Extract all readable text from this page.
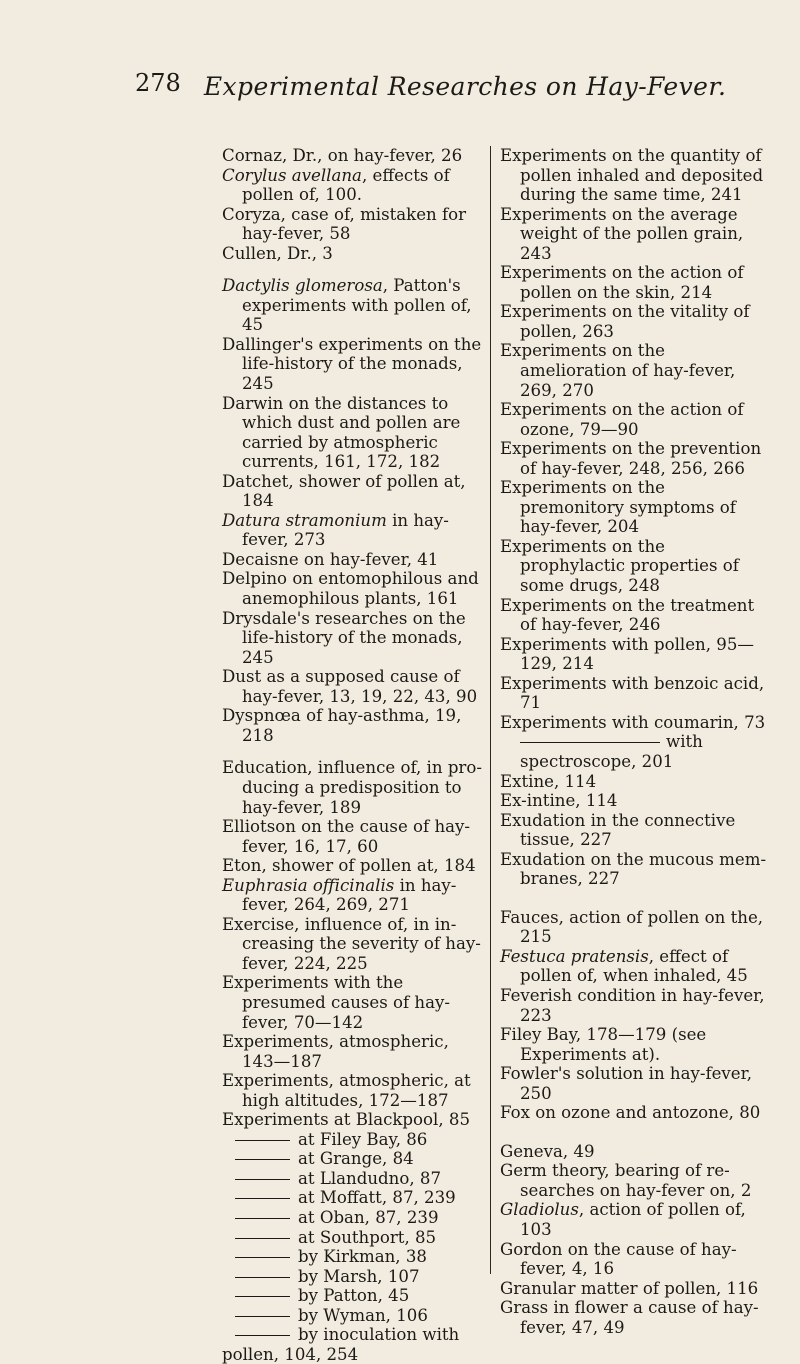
278 Experimental Researches on Hay-Fever.
Cornaz, Dr., on hay-fever, 26
Corylus avellana, effects of pollen of, 100.
Coryza, case of, mistaken for hay-fever, 58
Cullen, Dr., 3
Dactylis glomerosa, Patton's experiments with pollen of, 45
Dallinger's experiments on the life-history of the monads, 245
Darwin on the distances to which dust and pollen are carried by atmospheric currents, 161, 172, 182
Datchet, shower of pollen at, 184
Datura stramonium in hay-fever, 273
Decaisne on hay-fever, 41
Delpino on entomophilous and anemophilous plants, 161
Drysdale's researches on the life-history of the monads, 245
Dust as a supposed cause of hay-fever, 13, 19, 22, 43, 90
Dyspnœa of hay-asthma, 19, 218
Education, influence of, in producing a predisposition to hay-fever, 189
Elliotson on the cause of hay-fever, 16, 17, 60
Eton, shower of pollen at, 184
Euphrasia officinalis in hay-fever, 264, 269, 271
Exercise, influence of, in increasing the severity of hay-fever, 224, 225
Experiments with the presumed causes of hay-fever, 70—142
Experiments, atmospheric, 143—187
Experiments, atmospheric, at high altitudes, 172—187
Experiments at Blackpool, 85
at Filey Bay, 86
at Grange, 84
at Llandudno, 87
at Moffatt, 87, 239
at Oban, 87, 239
at Southport, 85
by Kirkman, 38
by Marsh, 107
by Patton, 45
by Wyman, 106
by inoculation with
pollen, 104, 254
Experiments on the quantity of pollen inhaled and deposited during the same time, 241
Experiments on the average weight of the pollen grain, 243
Experiments on the action of pollen on the skin, 214
Experiments on the vitality of pollen, 263
Experiments on the amelioration of hay-fever, 269, 270
Experiments on the action of ozone, 79—90
Experiments on the prevention of hay-fever, 248, 256, 266
Experiments on the premonitory symptoms of hay-fever, 204
Experiments on the prophylactic properties of some drugs, 248
Experiments on the treatment of hay-fever, 246
Experiments with pollen, 95—129, 214
Experiments with benzoic acid, 71
Experiments with coumarin, 73
with spectroscope, 201
Extine, 114
Ex-intine, 114
Exudation in the connective tissue, 227
Exudation on the mucous membranes, 227
Fauces, action of pollen on the, 215
Festuca pratensis, effect of pollen of, when inhaled, 45
Feverish condition in hay-fever, 223
Filey Bay, 178—179 (see Experiments at).
Fowler's solution in hay-fever, 250
Fox on ozone and antozone, 80
Geneva, 49
Germ theory, bearing of researches on hay-fever on, 2
Gladiolus, action of pollen of, 103
Gordon on the cause of hay-fever, 4, 16
Granular matter of pollen, 116
Grass in flower a cause of hay-fever, 47, 49
